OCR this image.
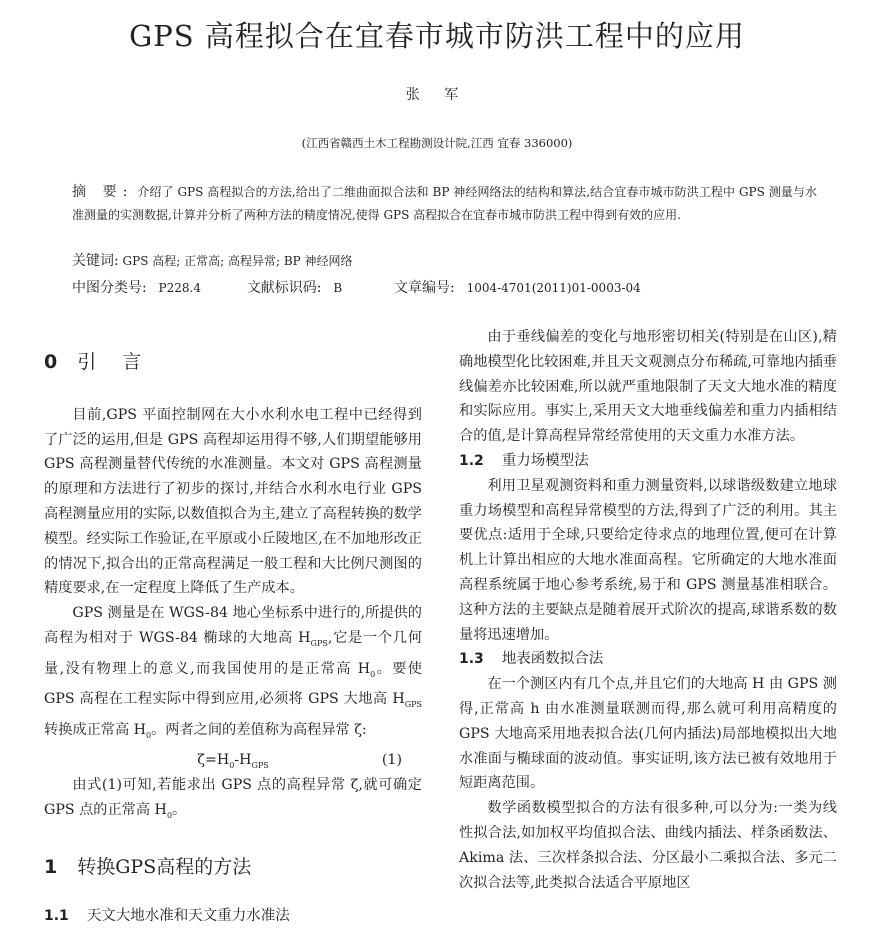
GPS 高程拟合在宜春市城市防洪工程中的应用
张 军
(江西省赣西土木工程勘测设计院,江西 宜春 336000)
摘 要: 介绍了 GPS 高程拟合的方法,给出了二维曲面拟合法和 BP 神经网络法的结构和算法,结合宜春市城市防洪工程中 GPS 测量与水准测量的实测数据,计算并分析了两种方法的精度情况,使得 GPS 高程拟合在宜春市城市防洪工程中得到有效的应用.
关键词: GPS 高程; 正常高; 高程异常; BP 神经网络
中图分类号: P228.4	文献标识码: B	文章编号: 1004-4701(2011)01-0003-04
0 引 言

目前,GPS 平面控制网在大小水利水电工程中已经得到了广泛的运用,但是 GPS 高程却运用得不够,人们期望能够用 GPS 高程测量替代传统的水准测量。本文对 GPS 高程测量的原理和方法进行了初步的探讨,并结合水利水电行业 GPS 高程测量应用的实际,以数值拟合为主,建立了高程转换的数学模型。经实际工作验证,在平原或小丘陵地区,在不加地形改正的情况下,拟合出的正常高程满足一般工程和大比例尺测图的精度要求,在一定程度上降低了生产成本。

GPS 测量是在 WGS-84 地心坐标系中进行的,所提供的高程为相对于 WGS-84 椭球的大地高 $H_{GPS}$,它是一个几何量,没有物理上的意义,而我国使用的是正常高 $H_0$。要使 GPS 高程在工程实际中得到应用,必须将 GPS 大地高 $H_{GPS}$ 转换成正常高 $H_0$。两者之间的差值称为高程异常 ζ:

$\zeta=H_0-H_{GPS}$	(1)

由式(1)可知,若能求出 GPS 点的高程异常 ζ,就可确定 GPS 点的正常高 $H_0$。

1 转换GPS高程的方法
1.1 天文大地水准和天文重力水准法

由于垂线偏差的变化与地形密切相关(特别是在山区),精确地模型化比较困难,并且天文观测点分布稀疏,可靠地内插垂线偏差亦比较困难,所以就严重地限制了天文大地水准的精度和实际应用。事实上,采用天文大地垂线偏差和重力内插相结合的值,是计算高程异常经常使用的天文重力水准方法。

1.2 重力场模型法

利用卫星观测资料和重力测量资料,以球谐级数建立地球重力场模型和高程异常模型的方法,得到了广泛的利用。其主要优点:适用于全球,只要给定待求点的地理位置,便可在计算机上计算出相应的大地水准面高程。它所确定的大地水准面高程系统属于地心参考系统,易于和 GPS 测量基准相联合。这种方法的主要缺点是随着展开式阶次的提高,球谐系数的数量将迅速增加。

1.3 地表函数拟合法

在一个测区内有几个点,并且它们的大地高 H 由 GPS 测得,正常高 h 由水准测量联测而得,那么就可利用高精度的 GPS 大地高采用地表拟合法(几何内插法)局部地模拟出大地水准面与椭球面的波动值。事实证明,该方法已被有效地用于短距离范围。

数学函数模型拟合的方法有很多种,可以分为:一类为线性拟合法,如加权平均值拟合法、曲线内插法、样条函数法、Akima 法、三次样条拟合法、分区最小二乘拟合法、多元二次拟合法等,此类拟合法适合平原地区
